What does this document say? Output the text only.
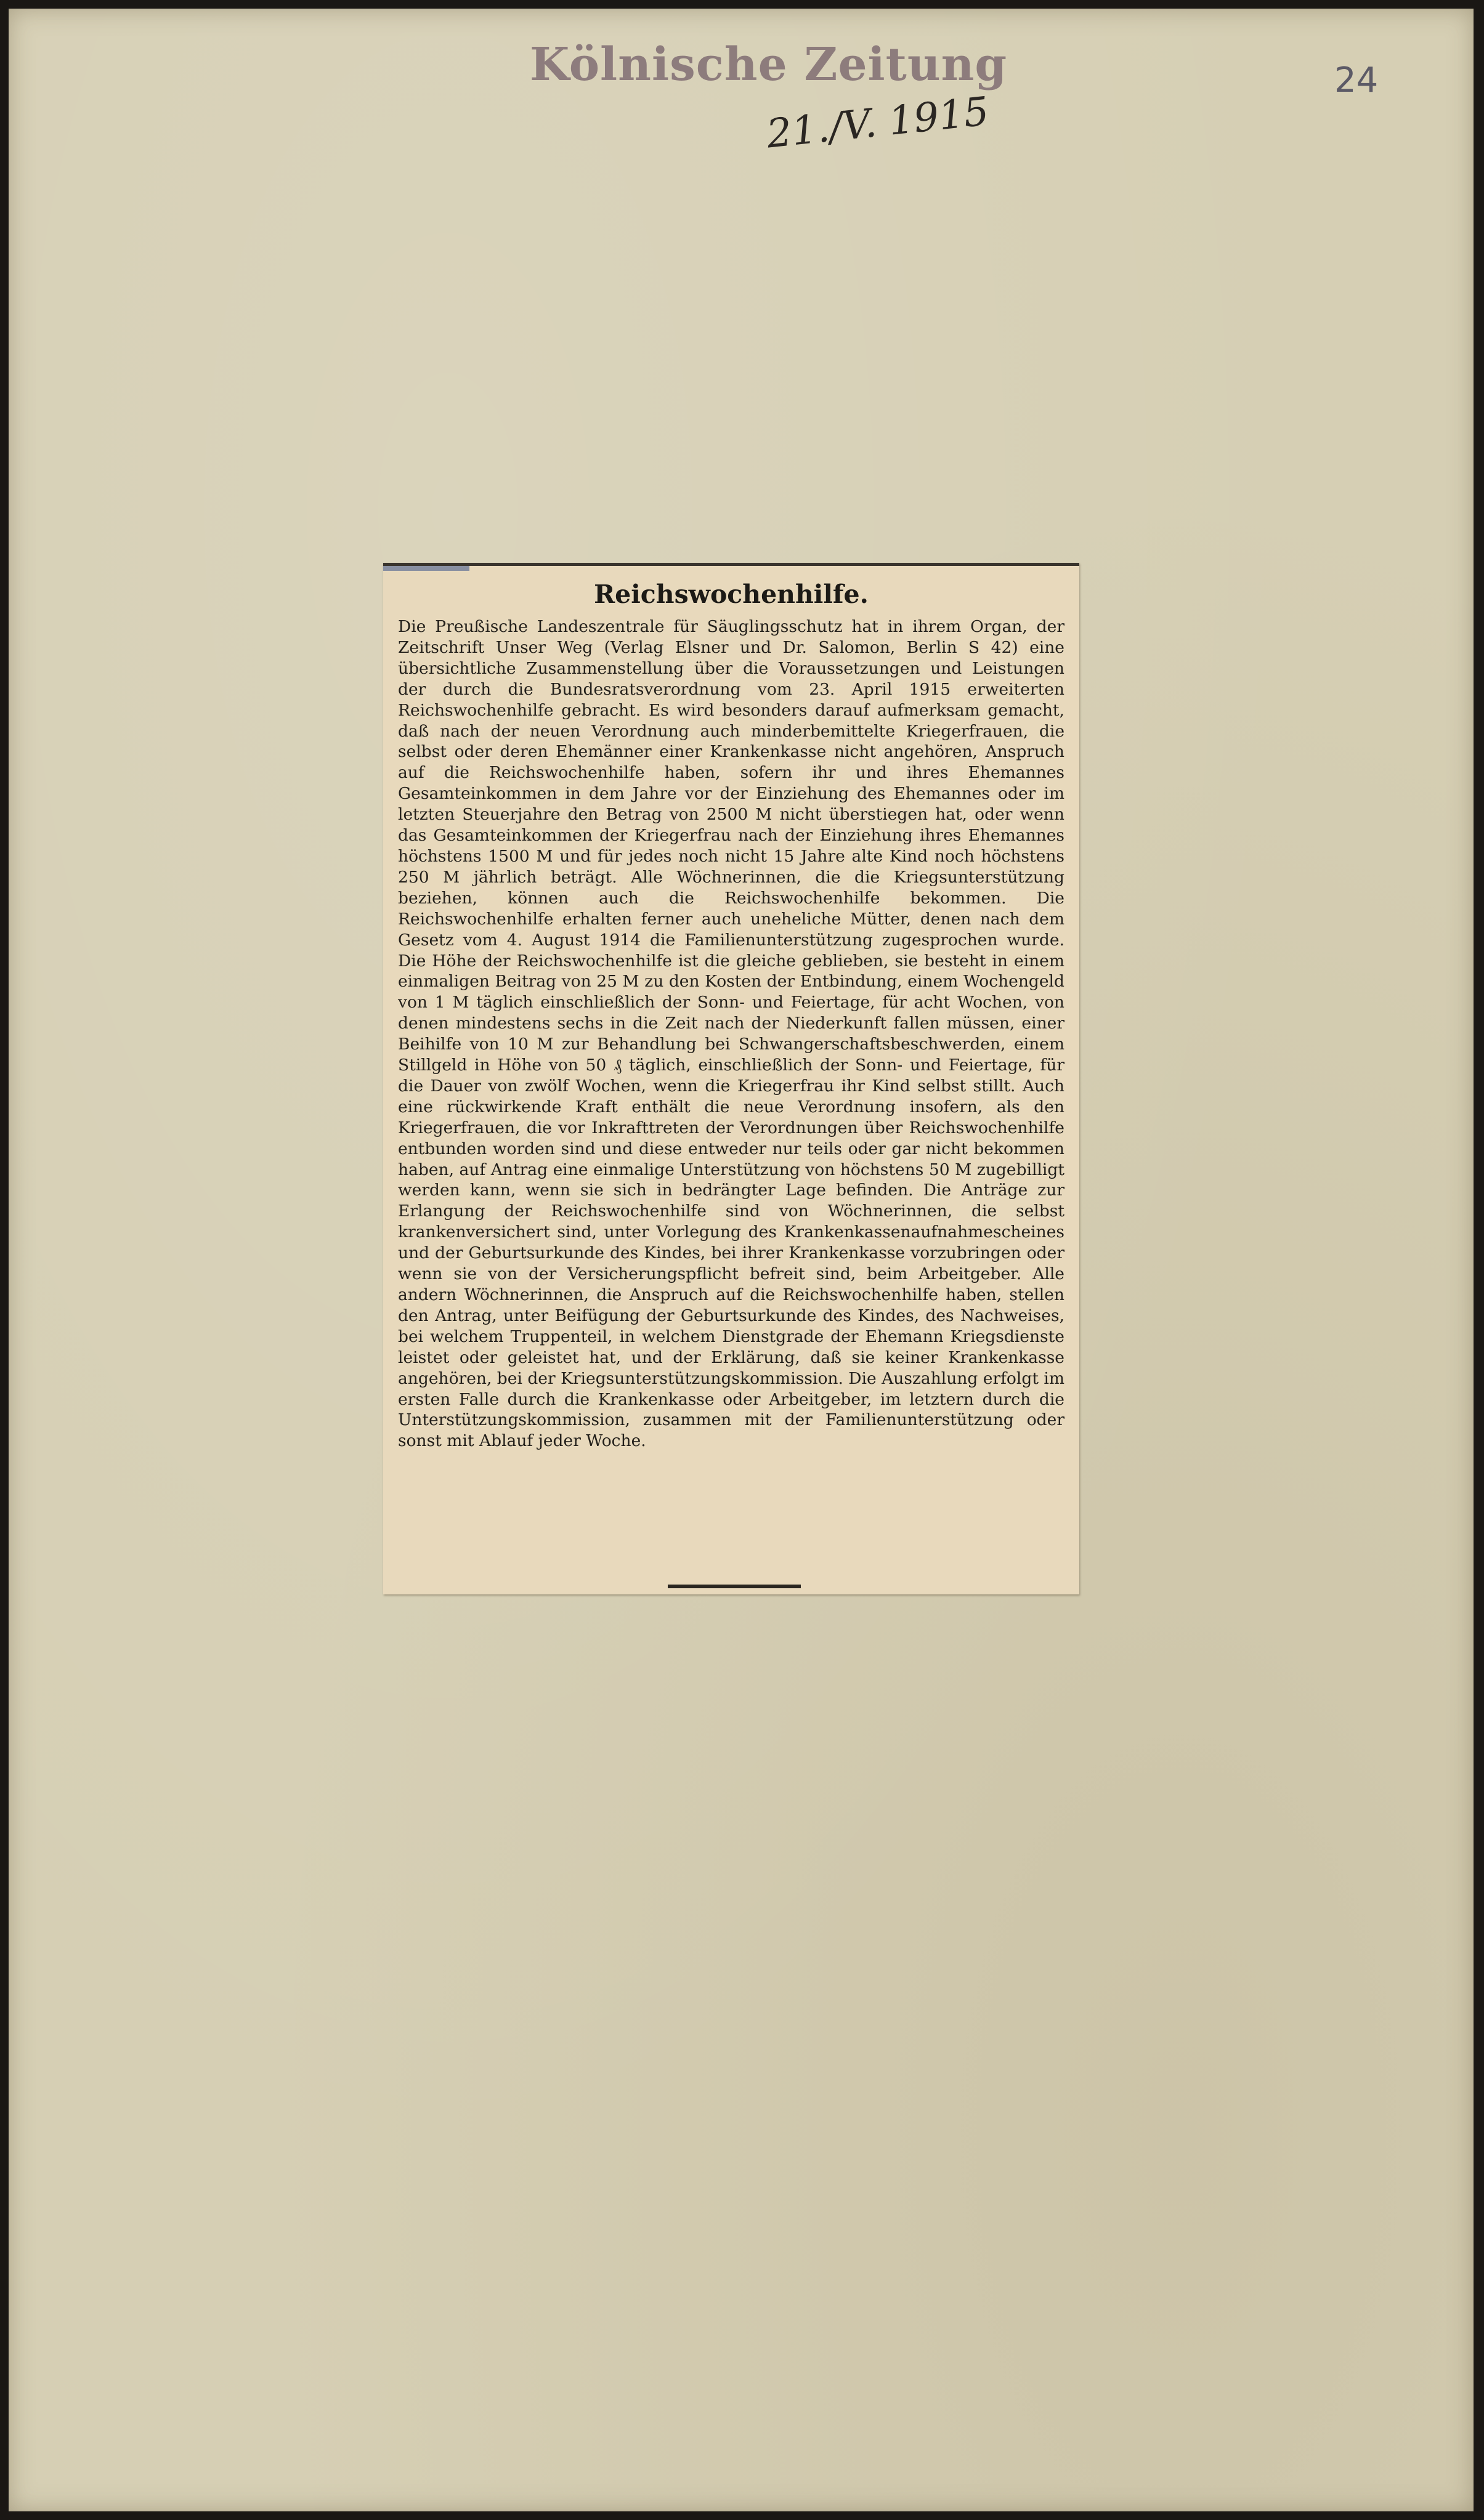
Kölnische Zeitung
21./V. 1915
24
Reichswochenhilfe.
Die Preußische Landeszentrale für Säuglingsschutz hat in ihrem Organ, der Zeitschrift Unser Weg (Verlag Elsner und Dr. Salomon, Berlin S 42) eine übersichtliche Zusammenstellung über die Voraussetzungen und Leistungen der durch die Bundesratsverordnung vom 23. April 1915 erweiterten Reichswochenhilfe gebracht. Es wird besonders darauf aufmerksam gemacht, daß nach der neuen Verordnung auch minderbemittelte Kriegerfrauen, die selbst oder deren Ehemänner einer Krankenkasse nicht angehören, Anspruch auf die Reichswochenhilfe haben, sofern ihr und ihres Ehemannes Gesamteinkommen in dem Jahre vor der Einziehung des Ehemannes oder im letzten Steuerjahre den Betrag von 2500 M nicht überstiegen hat, oder wenn das Gesamteinkommen der Kriegerfrau nach der Einziehung ihres Ehemannes höchstens 1500 M und für jedes noch nicht 15 Jahre alte Kind noch höchstens 250 M jährlich beträgt. Alle Wöchnerinnen, die die Kriegsunterstützung beziehen, können auch die Reichswochenhilfe bekommen. Die Reichswochenhilfe erhalten ferner auch uneheliche Mütter, denen nach dem Gesetz vom 4. August 1914 die Familienunterstützung zugesprochen wurde. Die Höhe der Reichswochenhilfe ist die gleiche geblieben, sie besteht in einem einmaligen Beitrag von 25 M zu den Kosten der Entbindung, einem Wochengeld von 1 M täglich einschließlich der Sonn- und Feiertage, für acht Wochen, von denen mindestens sechs in die Zeit nach der Niederkunft fallen müssen, einer Beihilfe von 10 M zur Behandlung bei Schwangerschaftsbeschwerden, einem Stillgeld in Höhe von 50 ₰ täglich, einschließlich der Sonn- und Feiertage, für die Dauer von zwölf Wochen, wenn die Kriegerfrau ihr Kind selbst stillt. Auch eine rückwirkende Kraft enthält die neue Verordnung insofern, als den Kriegerfrauen, die vor Inkrafttreten der Verordnungen über Reichswochenhilfe entbunden worden sind und diese entweder nur teils oder gar nicht bekommen haben, auf Antrag eine einmalige Unterstützung von höchstens 50 M zugebilligt werden kann, wenn sie sich in bedrängter Lage befinden. Die Anträge zur Erlangung der Reichswochenhilfe sind von Wöchnerinnen, die selbst krankenversichert sind, unter Vorlegung des Krankenkassenaufnahmescheines und der Geburtsurkunde des Kindes, bei ihrer Krankenkasse vorzubringen oder wenn sie von der Versicherungspflicht befreit sind, beim Arbeitgeber. Alle andern Wöchnerinnen, die Anspruch auf die Reichswochenhilfe haben, stellen den Antrag, unter Beifügung der Geburtsurkunde des Kindes, des Nachweises, bei welchem Truppenteil, in welchem Dienstgrade der Ehemann Kriegsdienste leistet oder geleistet hat, und der Erklärung, daß sie keiner Krankenkasse angehören, bei der Kriegsunterstützungskommission. Die Auszahlung erfolgt im ersten Falle durch die Krankenkasse oder Arbeitgeber, im letztern durch die Unterstützungskommission, zusammen mit der Familienunterstützung oder sonst mit Ablauf jeder Woche.
